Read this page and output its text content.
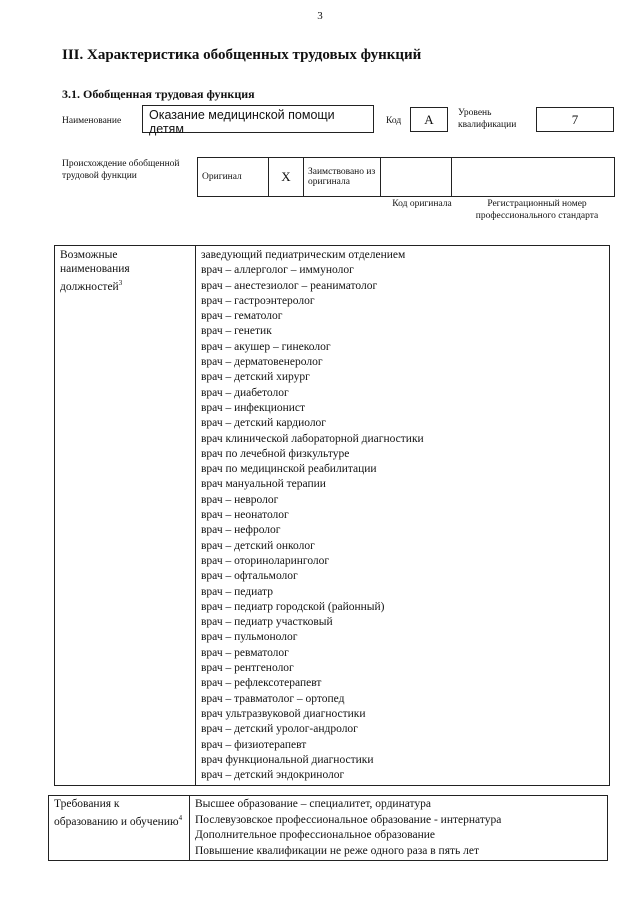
3
III. Характеристика обобщенных трудовых функций
3.1. Обобщенная трудовая функция
Наименование	Оказание медицинской помощи детям
Код	А	Уровень квалификации	7
Происхождение обобщенной трудовой функции	Оригинал	X	Заимствовано из оригинала		
Код оригинала	Регистрационный номер профессионального стандарта
Возможные наименования должностей$^3$	
заведующий педиатрическим отделением
врач – аллерголог – иммунолог
врач – анестезиолог – реаниматолог
врач – гастроэнтеролог
врач – гематолог
врач – генетик
врач – акушер – гинеколог
врач – дерматовенеролог
врач – детский хирург
врач – диабетолог
врач – инфекционист
врач – детский кардиолог
врач клинической лабораторной диагностики
врач по лечебной физкультуре
врач по медицинской реабилитации
врач мануальной терапии
врач – невролог
врач – неонатолог
врач – нефролог
врач – детский онколог
врач – оториноларинголог
врач – офтальмолог
врач – педиатр
врач – педиатр городской (районный)
врач – педиатр участковый
врач – пульмонолог
врач – ревматолог
врач – рентгенолог
врач – рефлексотерапевт
врач – травматолог – ортопед
врач ультразвуковой диагностики
врач – детский уролог-андролог
врач – физиотерапевт
врач функциональной диагностики
врач – детский эндокринолог
Требования к образованию и обучению$^4$	
Высшее образование – специалитет, ординатура
Послевузовское профессиональное образование - интернатура
Дополнительное профессиональное образование
Повышение квалификации не реже одного раза в пять лет
